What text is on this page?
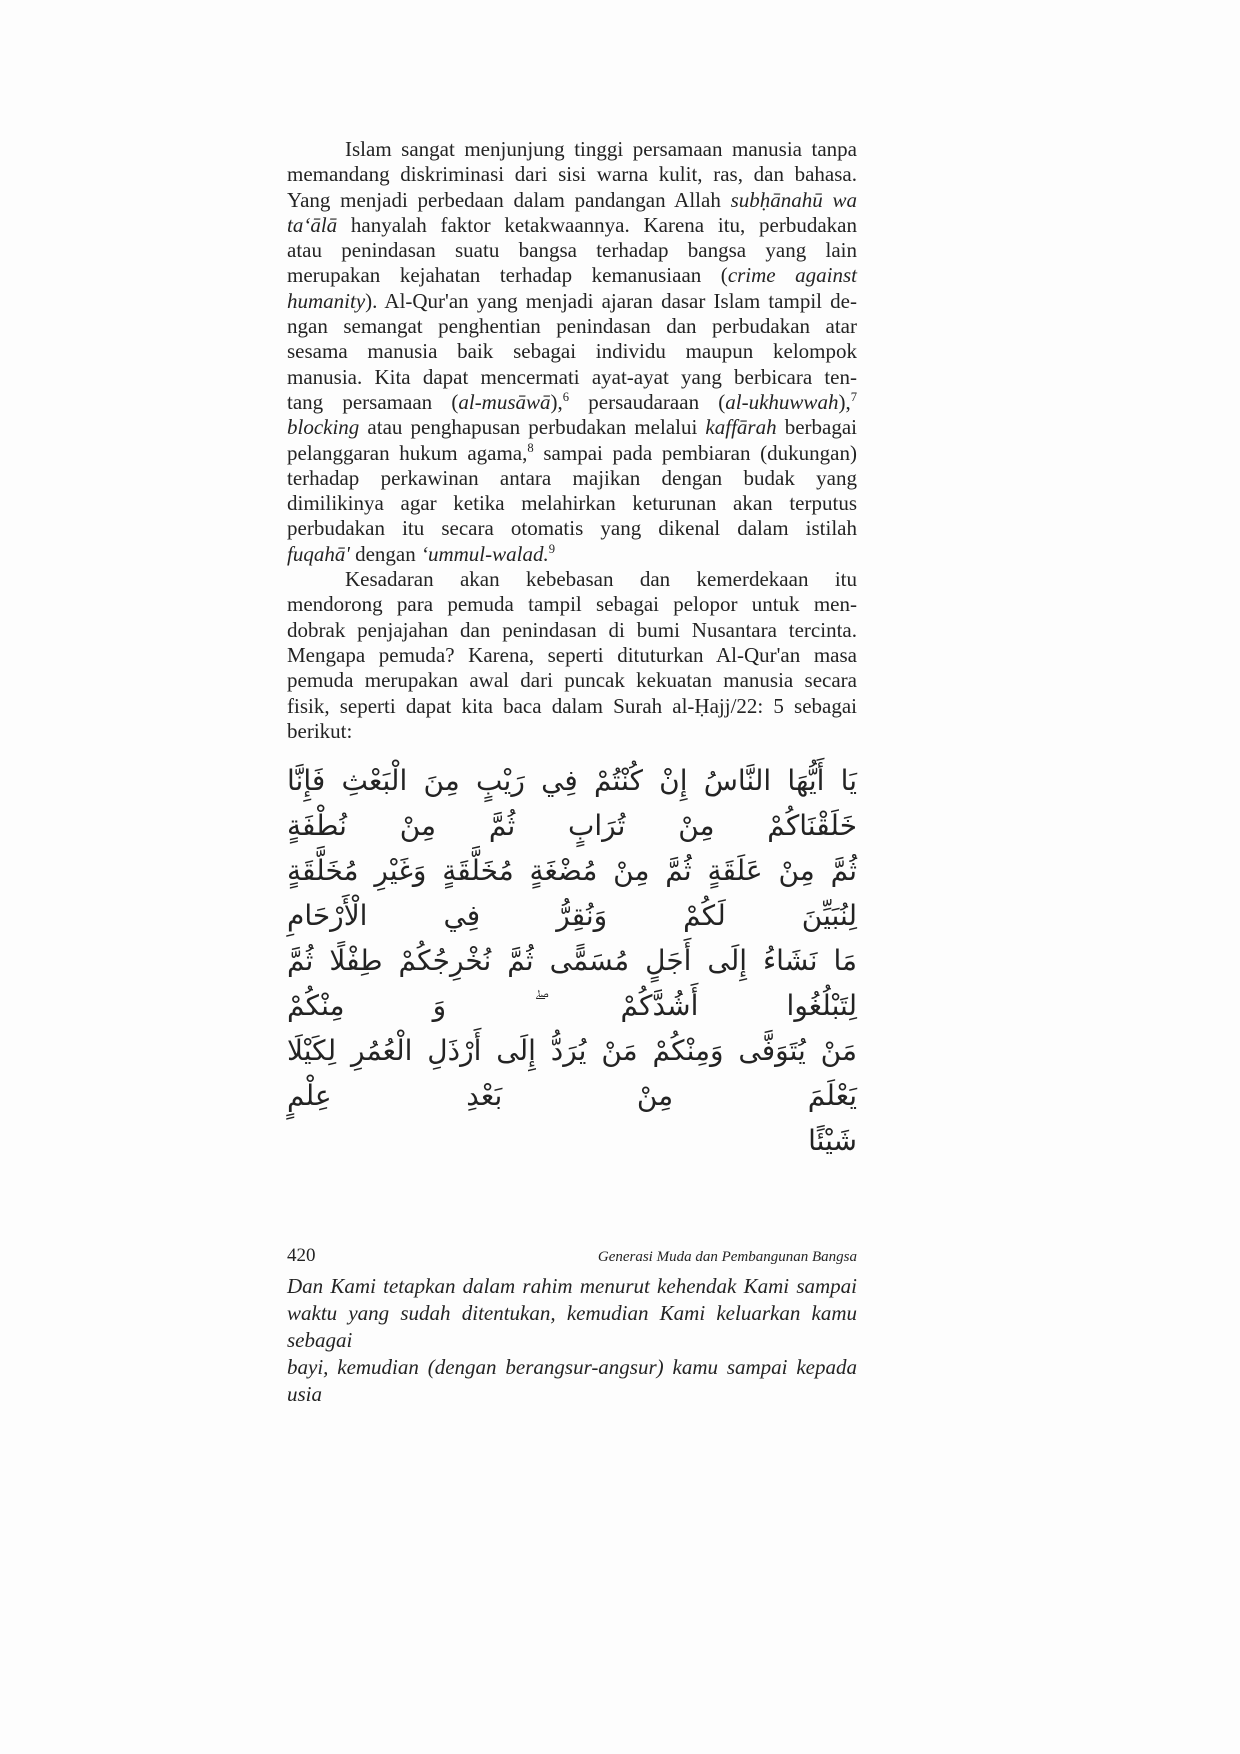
Islam sangat menjunjung tinggi persamaan manusia tanpa
memandang diskriminasi dari sisi warna kulit, ras, dan bahasa.
Yang menjadi perbedaan dalam pandangan Allah subḥānahū wa
ta‘ālā hanyalah faktor ketakwaannya. Karena itu, perbudakan
atau penindasan suatu bangsa terhadap bangsa yang lain
merupakan kejahatan terhadap kemanusiaan (crime against
humanity). Al-Qur'an yang menjadi ajaran dasar Islam tampil de-
ngan semangat penghentian penindasan dan perbudakan atar
sesama manusia baik sebagai individu maupun kelompok
manusia. Kita dapat mencermati ayat-ayat yang berbicara ten-
tang persamaan (al-musāwā),$^6$ persaudaraan (al-ukhuwwah),$^7$
blocking atau penghapusan perbudakan melalui kaffārah berbagai
pelanggaran hukum agama,$^8$ sampai pada pembiaran (dukungan)
terhadap perkawinan antara majikan dengan budak yang
dimilikinya agar ketika melahirkan keturunan akan terputus
perbudakan itu secara otomatis yang dikenal dalam istilah
fuqahā' dengan ‘ummul-walad.$^9$
Kesadaran akan kebebasan dan kemerdekaan itu
mendorong para pemuda tampil sebagai pelopor untuk men-
dobrak penjajahan dan penindasan di bumi Nusantara tercinta.
Mengapa pemuda? Karena, seperti dituturkan Al-Qur'an masa
pemuda merupakan awal dari puncak kekuatan manusia secara
fisik, seperti dapat kita baca dalam Surah al-Ḥajj/22: 5 sebagai
berikut:
يَا أَيُّهَا النَّاسُ إِنْ كُنْتُمْ فِي رَيْبٍ مِنَ الْبَعْثِ فَإِنَّا خَلَقْنَاكُمْ مِنْ تُرَابٍ ثُمَّ مِنْ نُطْفَةٍ
ثُمَّ مِنْ عَلَقَةٍ ثُمَّ مِنْ مُضْغَةٍ مُخَلَّقَةٍ وَغَيْرِ مُخَلَّقَةٍ لِنُبَيِّنَ لَكُمْ وَنُقِرُّ فِي الْأَرْحَامِ
مَا نَشَاءُ إِلَى أَجَلٍ مُسَمًّى ثُمَّ نُخْرِجُكُمْ طِفْلًا ثُمَّ لِتَبْلُغُوا أَشُدَّكُمْ ۖ وَ مِنْكُمْ
مَنْ يُتَوَفَّى وَمِنْكُمْ مَنْ يُرَدُّ إِلَى أَرْذَلِ الْعُمُرِ لِكَيْلَا يَعْلَمَ مِنْ بَعْدِ عِلْمٍ
شَيْئًا
Dan Kami tetapkan dalam rahim menurut kehendak Kami sampai
waktu yang sudah ditentukan, kemudian Kami keluarkan kamu sebagai
bayi, kemudian (dengan berangsur-angsur) kamu sampai kepada usia
420	Generasi Muda dan Pembangunan Bangsa
